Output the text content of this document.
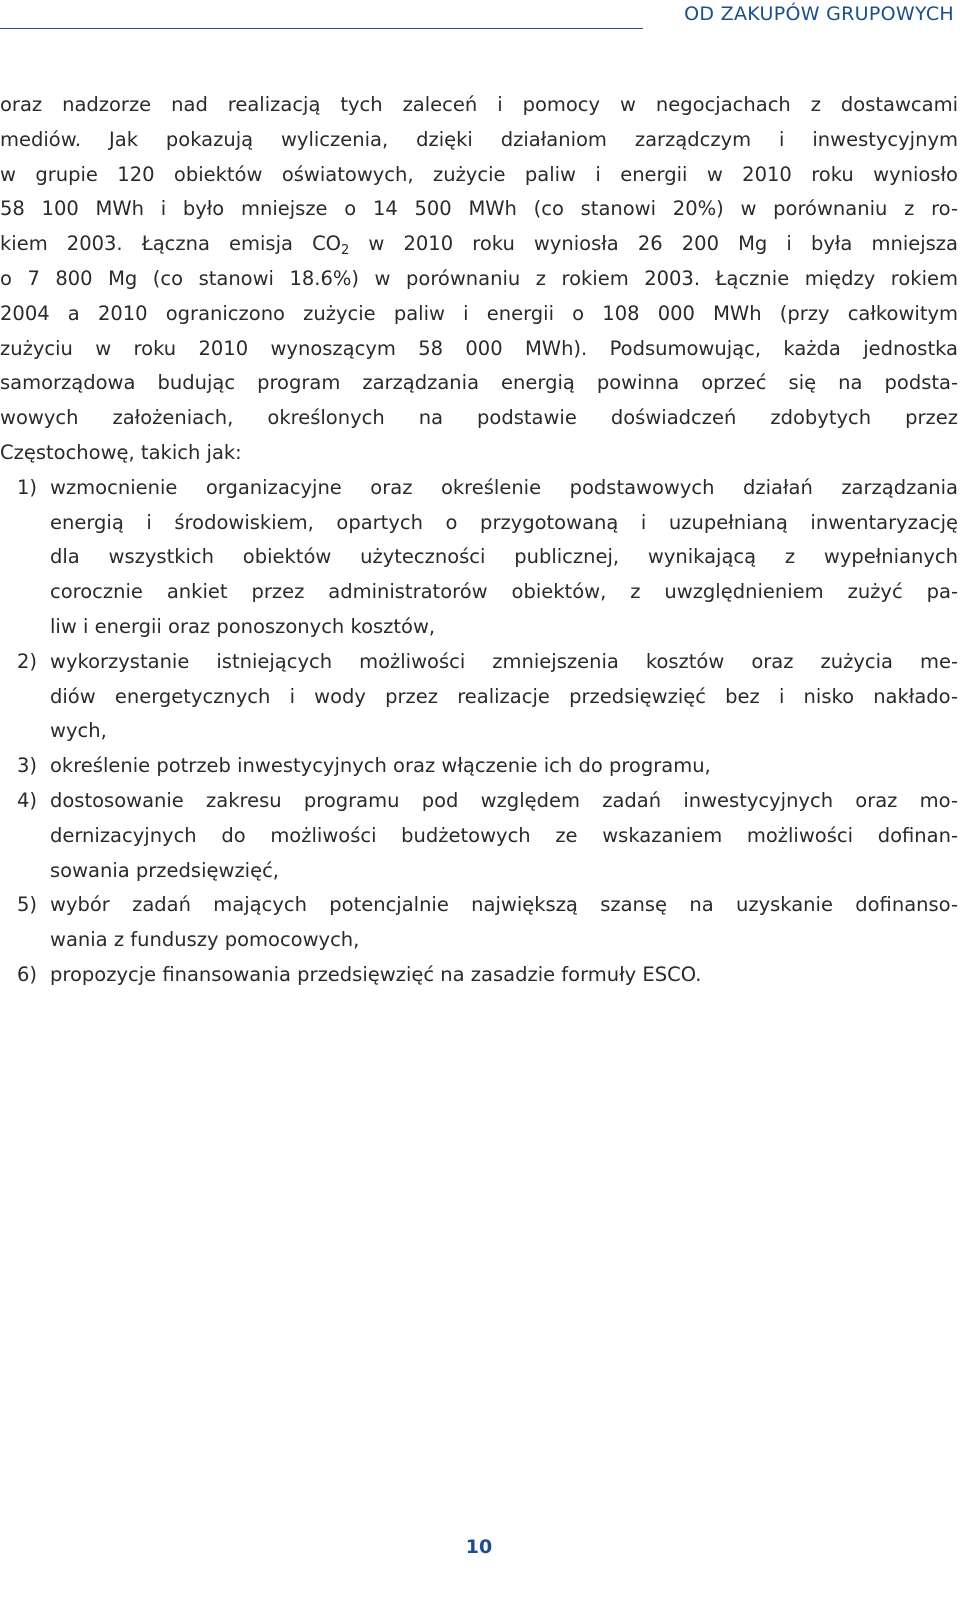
OD ZAKUPÓW GRUPOWYCH
oraz nadzorze nad realizacją tych zaleceń i pomocy w negocjachach z dostawcami
mediów. Jak pokazują wyliczenia, dzięki działaniom zarządczym i inwestycyjnym
w grupie 120 obiektów oświatowych, zużycie paliw i energii w 2010 roku wyniosło
58 100 MWh i było mniejsze o 14 500 MWh (co stanowi 20%) w porównaniu z ro-
kiem 2003. Łączna emisja $CO_2$ w 2010 roku wyniosła 26 200 Mg i była mniejsza
o 7 800 Mg (co stanowi 18.6%) w porównaniu z rokiem 2003. Łącznie między rokiem
2004 a 2010 ograniczono zużycie paliw i energii o 108 000 MWh (przy całkowitym
zużyciu w roku 2010 wynoszącym 58 000 MWh). Podsumowując, każda jednostka
samorządowa budując program zarządzania energią powinna oprzeć się na podsta-
wowych założeniach, określonych na podstawie doświadczeń zdobytych przez
Częstochowę, takich jak:
1) wzmocnienie organizacyjne oraz określenie podstawowych działań zarządzania
energią i środowiskiem, opartych o przygotowaną i uzupełnianą inwentaryzację
dla wszystkich obiektów użyteczności publicznej, wynikającą z wypełnianych
corocznie ankiet przez administratorów obiektów, z uwzględnieniem zużyć pa-
liw i energii oraz ponoszonych kosztów,
2) wykorzystanie istniejących możliwości zmniejszenia kosztów oraz zużycia me-
diów energetycznych i wody przez realizacje przedsięwzięć bez i nisko nakłado-
wych,
3) określenie potrzeb inwestycyjnych oraz włączenie ich do programu,
4) dostosowanie zakresu programu pod względem zadań inwestycyjnych oraz mo-
dernizacyjnych do możliwości budżetowych ze wskazaniem możliwości dofinan-
sowania przedsięwzięć,
5) wybór zadań mających potencjalnie największą szansę na uzyskanie dofinanso-
wania z funduszy pomocowych,
6) propozycje finansowania przedsięwzięć na zasadzie formuły ESCO.
10
